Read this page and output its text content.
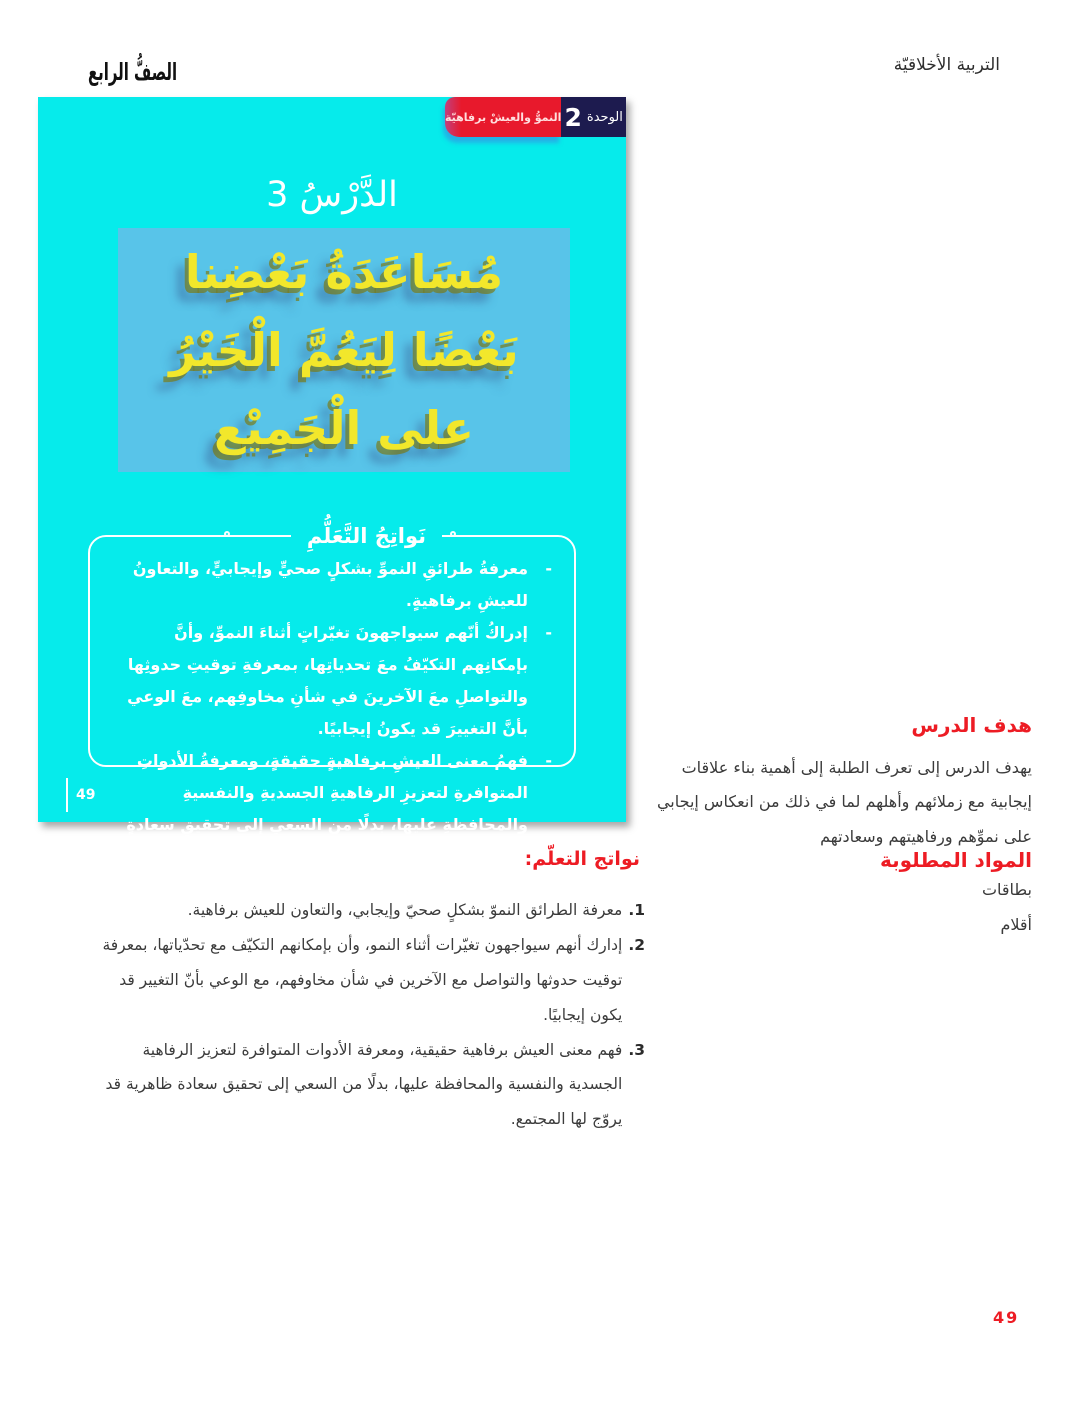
الصفُّ الرابع	التربية الأخلاقيّة
النموُّ والعيشْ برفاهيّة الوحدة
2
الدَّرْسُ 3
مُسَاعَدَةُ بَعْضِنا
بَعْضًا لِيَعُمَّ الْخَيْرُ
على الْجَمِيْع
نَواتِجُ التَّعَلُّمِ
-
معرفةُ طرائقِ النموِّ بشكلٍ صحيٍّ وإيجابيٍّ، والتعاونُ للعيشِ برفاهيةٍ.
-
إدراكُ أنّهم سيواجهونَ تغيّراتٍ أثناءَ النموِّ، وأنَّ بإمكانِهم التكيّفُ معَ تحدياتِها، بمعرفةِ توقيتِ حدوثِها والتواصلِ معَ الآخرينَ في شأنِ مخاوفِهم، معَ الوعي بأنَّ التغييرَ قد يكونُ إيجابيًا.
-
فهمُ معنى العيشِ برفاهيةٍ حقيقةٍ، ومعرفةُ الأدواتِ المتوافرةِ لتعزيزِ الرفاهيةِ الجسديةِ والنفسيةِ والمحافظةِ عليها، بدلًا من السعي إلى تحقيقِ سعادةٍ ظاهريةٍ قد يروّجُ لها المجتمعُ.
49
هدف الدرس

يهدف الدرس إلى تعرف الطلبة إلى أهمية بناء علاقات إيجابية مع زملائهم وأهلهم لما في ذلك من انعكاس إيجابي على نموِّهم ورفاهيتهم وسعادتهم

المواد المطلوبة
بطاقات
أقلام
نواتج التعلّم:
1.
معرفة الطرائق النموّ بشكلٍ صحيّ وإيجابي، والتعاون للعيش برفاهية.
2.
إدارك أنهم سيواجهون تغيّرات أثناء النمو، وأن بإمكانهم التكيّف مع تحدّياتها، بمعرفة توقيت حدوثها والتواصل مع الآخرين في شأن مخاوفهم، مع الوعي بأنّ التغيير قد يكون إيجابيًا.
3.
فهم معنى العيش برفاهية حقيقية، ومعرفة الأدوات المتوافرة لتعزيز الرفاهية الجسدية والنفسية والمحافظة عليها، بدلًا من السعي إلى تحقيق سعادة ظاهرية قد يروّج لها المجتمع.
49
